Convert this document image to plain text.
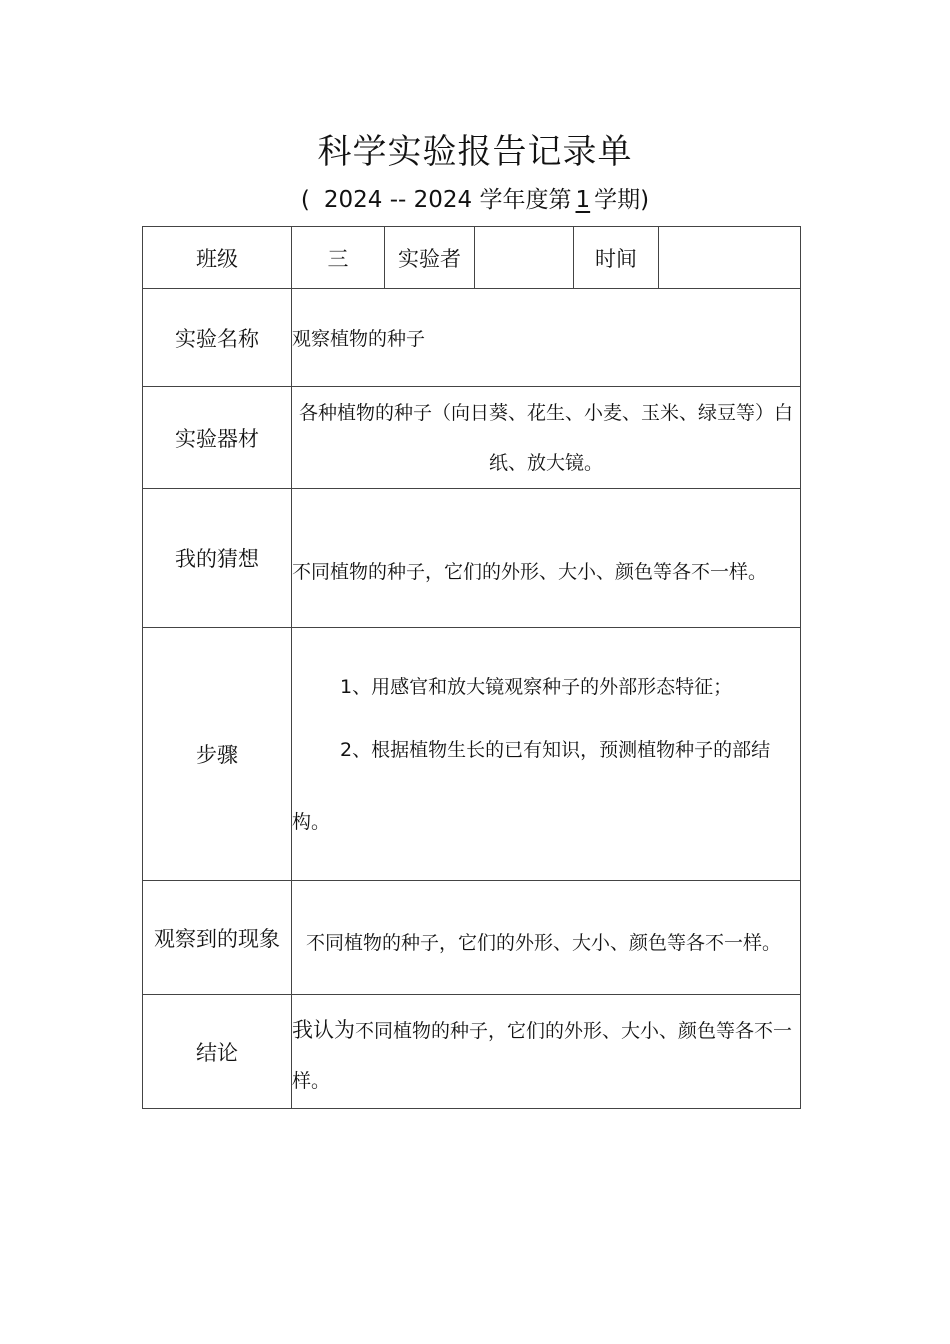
科学实验报告记录单
( 2024 -- 2024 学年度第 1 学期)
班级	三	实验者		时间	
实验名称	观察植物的种子				
实验器材	各种植物的种子（向日葵、花生、小麦、玉米、绿豆等）白纸、放大镜。				

我的猜想	不同植物的种子，它们的外形、大小、颜色等各不一样。				

步骤	1、用感官和放大镜观察种子的外部形态特征；

2、根据植物生长的已有知识，预测植物种子的部结

构。				

观察到的现象	不同植物的种子，它们的外形、大小、颜色等各不一样。				

结论	我认为不同植物的种子，它们的外形、大小、颜色等各不一样。				
